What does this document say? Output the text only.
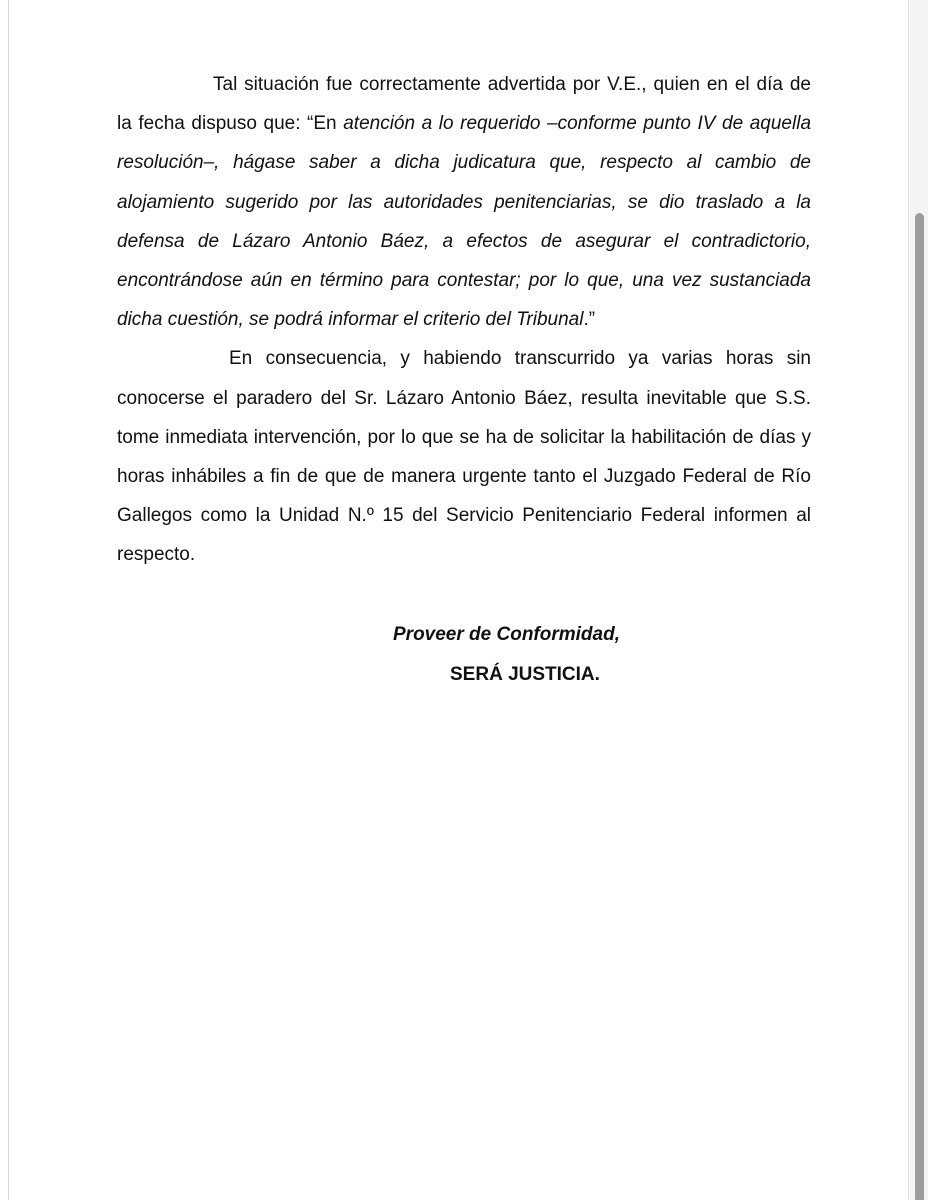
Tal situación fue correctamente advertida por V.E., quien en el día de la fecha dispuso que: “En atención a lo requerido –conforme punto IV de aquella resolución–, hágase saber a dicha judicatura que, respecto al cambio de alojamiento sugerido por las autoridades penitenciarias, se dio traslado a la defensa de Lázaro Antonio Báez, a efectos de asegurar el contradictorio, encontrándose aún en término para contestar; por lo que, una vez sustanciada dicha cuestión, se podrá informar el criterio del Tribunal.”

En consecuencia, y habiendo transcurrido ya varias horas sin conocerse el paradero del Sr. Lázaro Antonio Báez, resulta inevitable que S.S. tome inmediata intervención, por lo que se ha de solicitar la habilitación de días y horas inhábiles a fin de que de manera urgente tanto el Juzgado Federal de Río Gallegos como la Unidad N.º 15 del Servicio Penitenciario Federal informen al respecto.

Proveer de Conformidad,
SERÁ JUSTICIA.
